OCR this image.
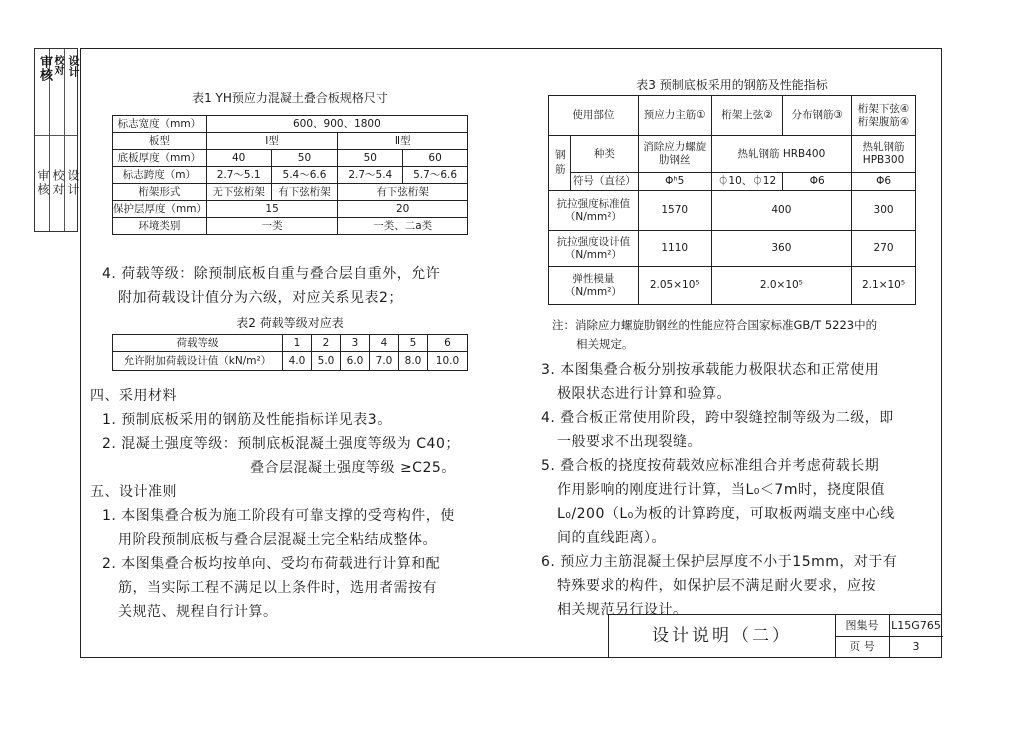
审核 校对 设计
审核 校对 设计
表1 YH预应力混凝土叠合板规格尺寸
标志宽度（mm）	600、900、1800			
板型	Ⅰ型		Ⅱ型	
底板厚度（mm）	40	50	50	60
标志跨度（m）	2.7～5.1	5.4～6.6	2.7～5.4	5.7～6.6
桁架形式	无下弦桁架	有下弦桁架	有下弦桁架	
保护层厚度（mm）	15		20	
环境类别	一类		一类、二a类	
4. 荷载等级：除预制底板自重与叠合层自重外，允许
附加荷载设计值分为六级，对应关系见表2；
表2 荷载等级对应表
荷载等级	1	2	3	4	5	6
允许附加荷载设计值（kN/m²）	4.0	5.0	6.0	7.0	8.0	10.0
四、采用材料
1. 预制底板采用的钢筋及性能指标详见表3。
2. 混凝土强度等级：预制底板混凝土强度等级为 C40；
叠合层混凝土强度等级 ≥C25。
五、设计准则
1. 本图集叠合板为施工阶段有可靠支撑的受弯构件，使
用阶段预制底板与叠合层混凝土完全粘结成整体。
2. 本图集叠合板均按单向、受均布荷载进行计算和配
筋，当实际工程不满足以上条件时，选用者需按有
关规范、规程自行计算。
表3 预制底板采用的钢筋及性能指标
使用部位		预应力主筋①	桁架上弦②	分布钢筋③	桁架下弦④ 桁架腹筋④
钢筋	种类	消除应力螺旋肋钢丝	热轧钢筋 HRB400		热轧钢筋 HPB300
	符号（直径）	Φʰ5	⏀10、⏀12	Φ6	Φ6
抗拉强度标准值（N/mm²）		1570	400		300
抗拉强度设计值（N/mm²）		1110	360		270
弹性模量（N/mm²）		2.05×10⁵	2.0×10⁵		2.1×10⁵
注：消除应力螺旋肋钢丝的性能应符合国家标准GB/T 5223中的
相关规定。
3. 本图集叠合板分别按承载能力极限状态和正常使用
极限状态进行计算和验算。
4. 叠合板正常使用阶段，跨中裂缝控制等级为二级，即
一般要求不出现裂缝。
5. 叠合板的挠度按荷载效应标准组合并考虑荷载长期
作用影响的刚度进行计算，当L₀＜7m时，挠度限值
L₀/200（L₀为板的计算跨度，可取板两端支座中心线
间的直线距离）。
6. 预应力主筋混凝土保护层厚度不小于15mm，对于有
特殊要求的构件，如保护层不满足耐火要求，应按
相关规范另行设计。
设计说明（二）
图集号	L15G765
页 号	3
